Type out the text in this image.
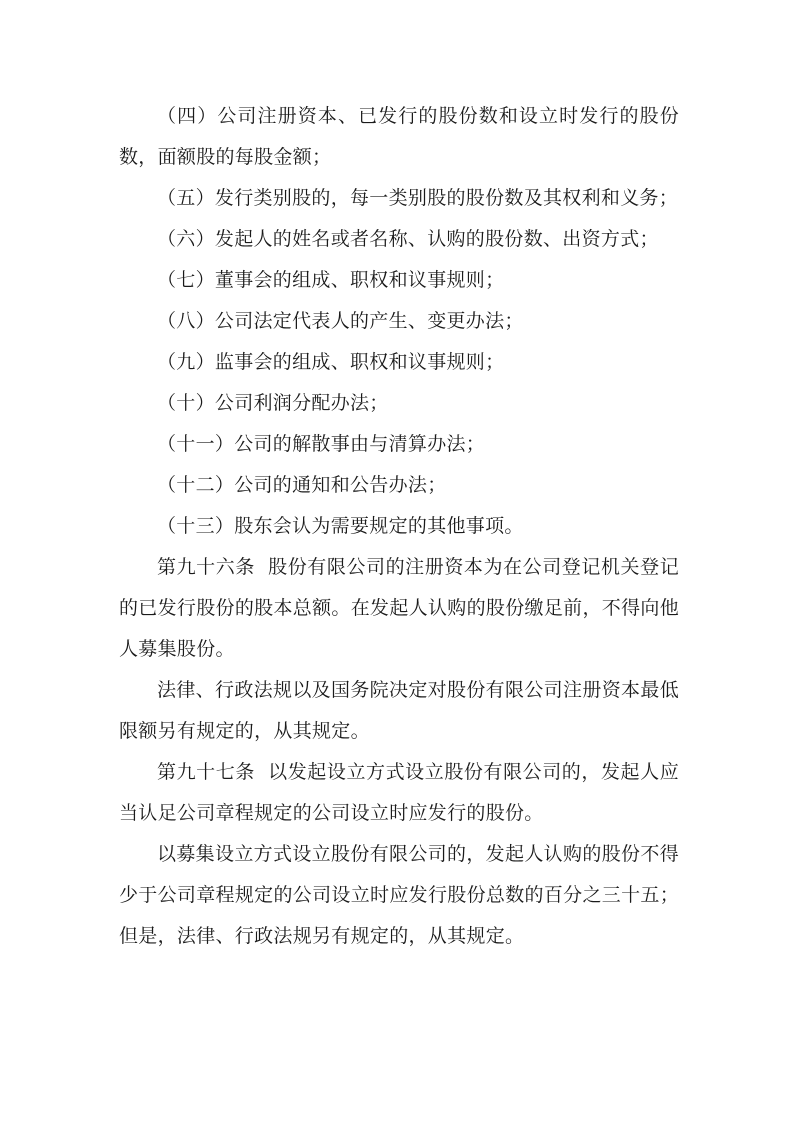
（四）公司注册资本、已发行的股份数和设立时发行的股份数，面额股的每股金额；

（五）发行类别股的，每一类别股的股份数及其权利和义务；

（六）发起人的姓名或者名称、认购的股份数、出资方式；

（七）董事会的组成、职权和议事规则；

（八）公司法定代表人的产生、变更办法；

（九）监事会的组成、职权和议事规则；

（十）公司利润分配办法；

（十一）公司的解散事由与清算办法；

（十二）公司的通知和公告办法；

（十三）股东会认为需要规定的其他事项。

第九十六条  股份有限公司的注册资本为在公司登记机关登记的已发行股份的股本总额。在发起人认购的股份缴足前，不得向他人募集股份。

法律、行政法规以及国务院决定对股份有限公司注册资本最低限额另有规定的，从其规定。

第九十七条  以发起设立方式设立股份有限公司的，发起人应当认足公司章程规定的公司设立时应发行的股份。

以募集设立方式设立股份有限公司的，发起人认购的股份不得少于公司章程规定的公司设立时应发行股份总数的百分之三十五；但是，法律、行政法规另有规定的，从其规定。
